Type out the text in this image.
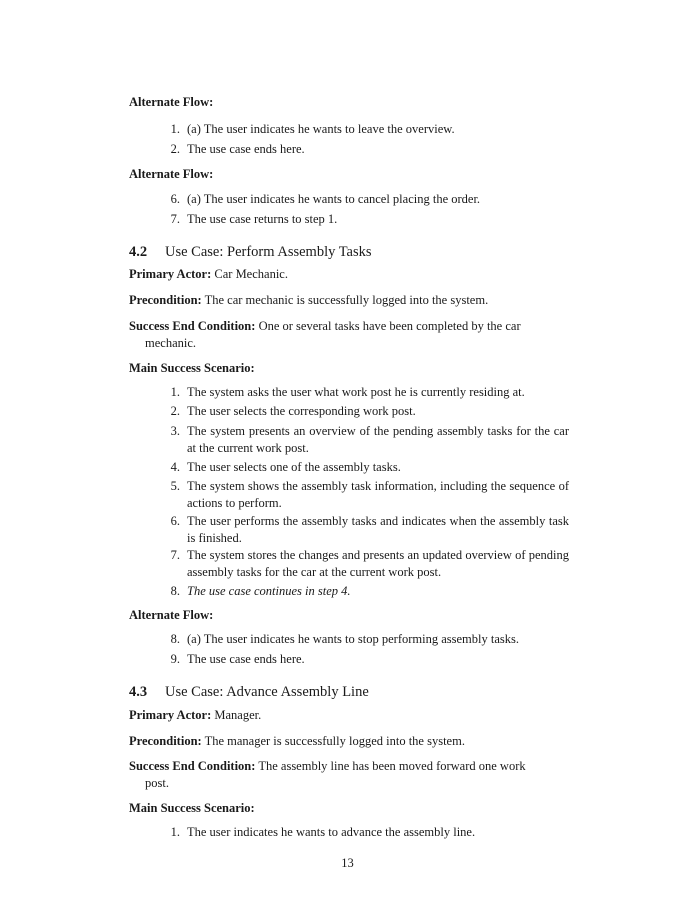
Alternate Flow:
1. (a) The user indicates he wants to leave the overview.
2. The use case ends here.
Alternate Flow:
6. (a) The user indicates he wants to cancel placing the order.
7. The use case returns to step 1.
4.2 Use Case: Perform Assembly Tasks
Primary Actor: Car Mechanic.
Precondition: The car mechanic is successfully logged into the system.
Success End Condition: One or several tasks have been completed by the car
mechanic.
Main Success Scenario:
1. The system asks the user what work post he is currently residing at.
2. The user selects the corresponding work post.
3. The system presents an overview of the pending assembly tasks for the car at the current work post.
4. The user selects one of the assembly tasks.
5. The system shows the assembly task information, including the sequence of actions to perform.
6. The user performs the assembly tasks and indicates when the assembly task is finished.
7. The system stores the changes and presents an updated overview of pending assembly tasks for the car at the current work post.
8. The use case continues in step 4.
Alternate Flow:
8. (a) The user indicates he wants to stop performing assembly tasks.
9. The use case ends here.
4.3 Use Case: Advance Assembly Line
Primary Actor: Manager.
Precondition: The manager is successfully logged into the system.
Success End Condition: The assembly line has been moved forward one work
post.
Main Success Scenario:
1. The user indicates he wants to advance the assembly line.
13
